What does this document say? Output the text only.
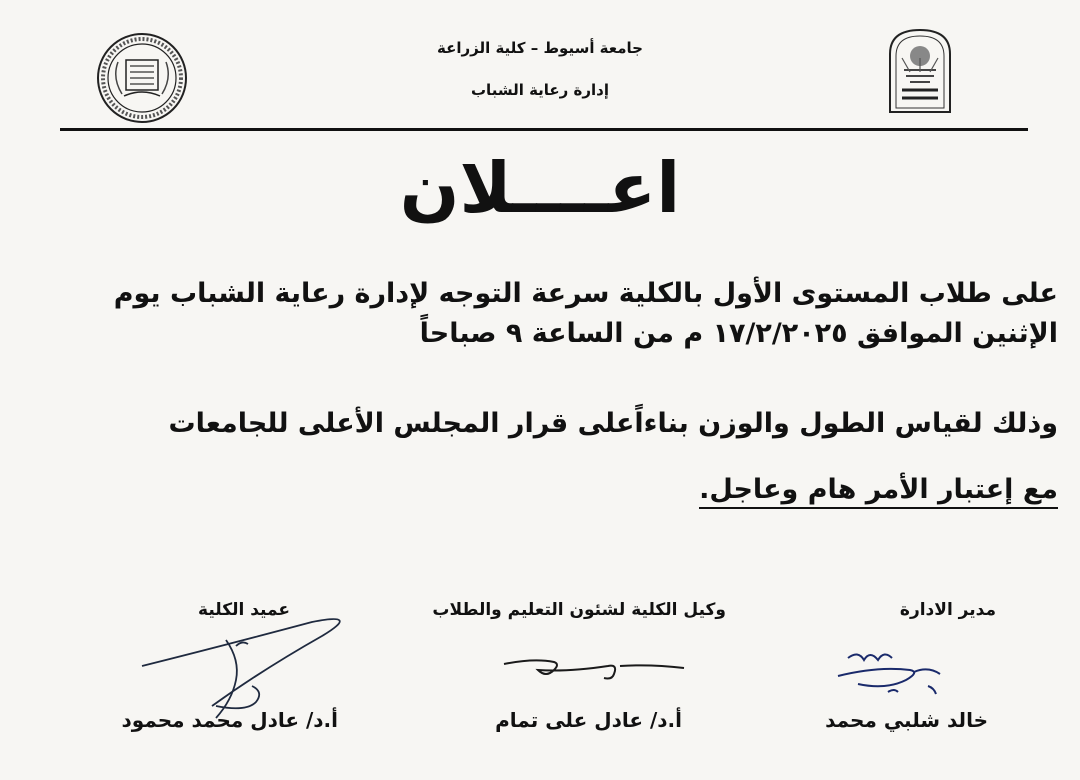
جامعة أسيوط – كلية الزراعة
إدارة رعاية الشباب
اعــــلان
على طلاب المستوى الأول بالكلية سرعة التوجه لإدارة رعاية الشباب يوم
الإثنين الموافق ١٧/٢/٢٠٢٥ م من الساعة ٩ صباحاً
وذلك لقياس الطول والوزن بناءاًعلى قرار المجلس الأعلى للجامعات
مع إعتبار الأمر هام وعاجل.
مدير الادارة
خالد شلبي محمد
وكيل الكلية لشئون التعليم والطلاب
أ.د/ عادل على تمام
عميد الكلية
أ.د/ عادل محمد محمود
